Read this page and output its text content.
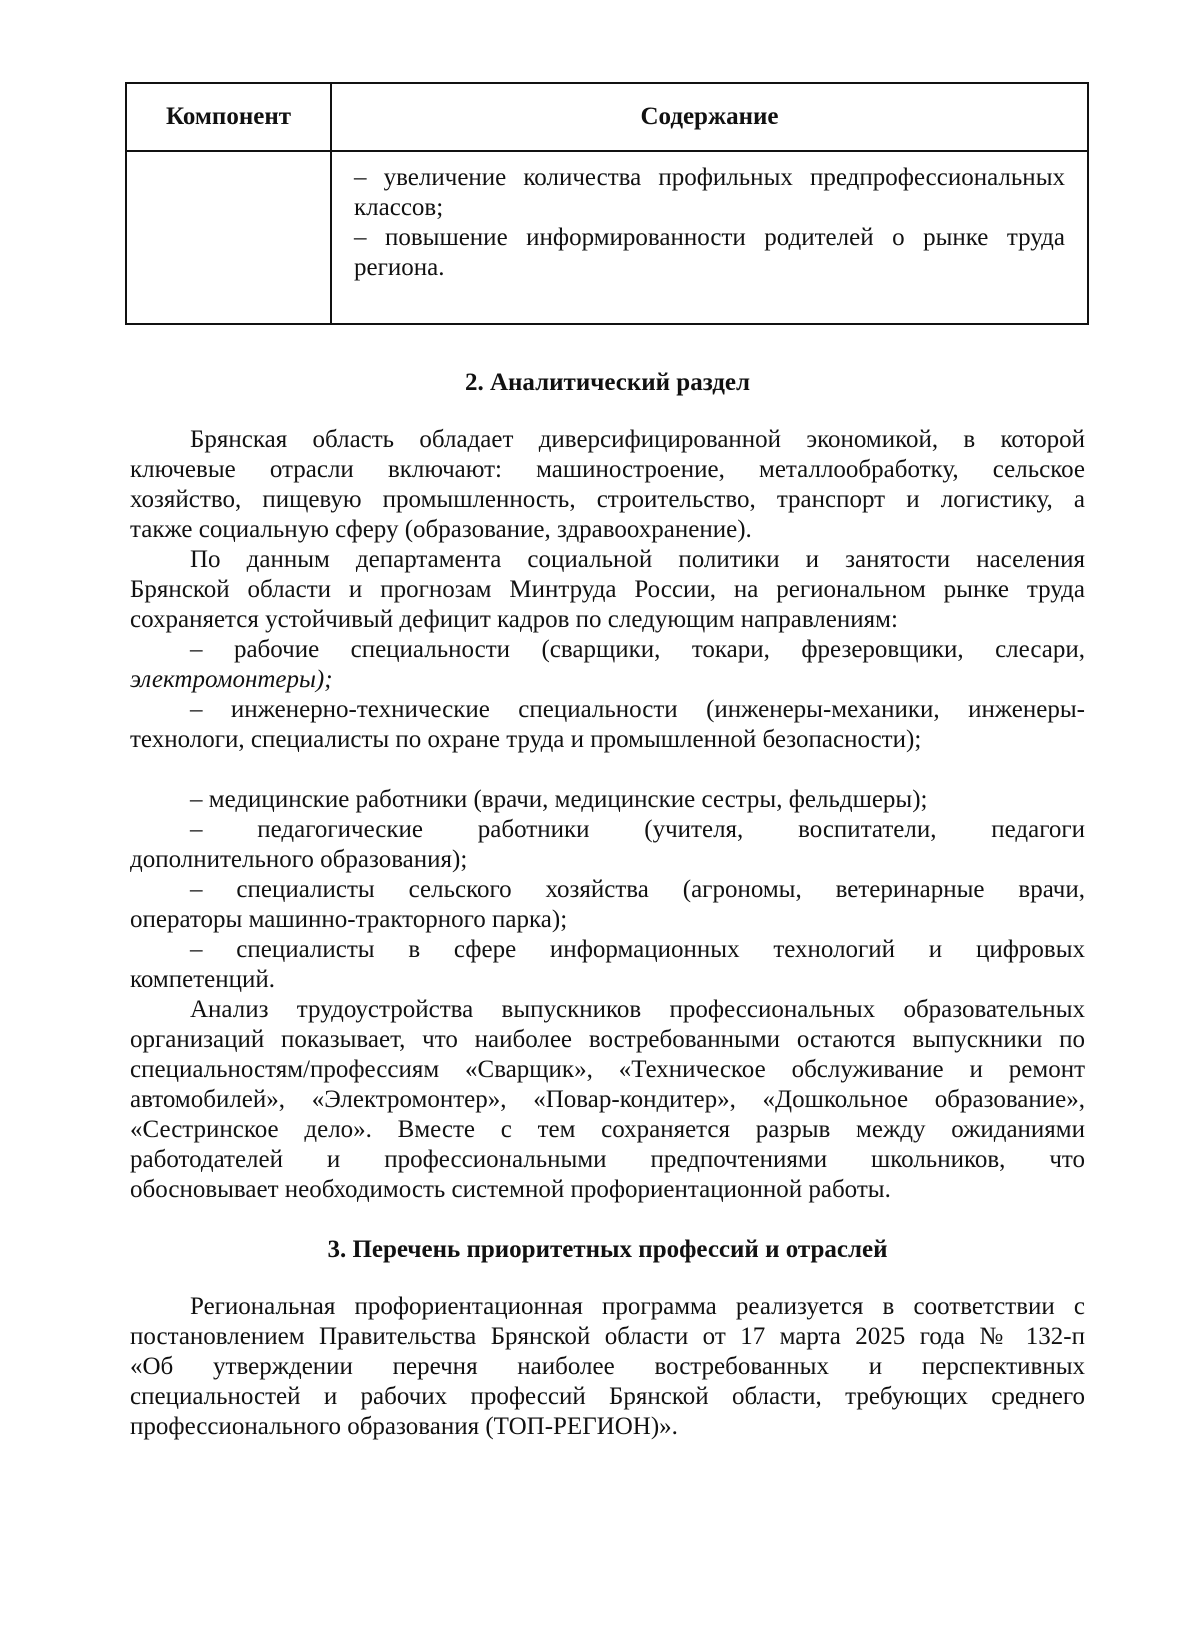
Компонент	Содержание

	– увеличение количества профильных предпрофессиональных
классов;
– повышение информированности родителей о рынке труда
региона.
2. Аналитический раздел
Брянская область обладает диверсифицированной экономикой, в которой
ключевые отрасли включают: машиностроение, металлообработку, сельское
хозяйство, пищевую промышленность, строительство, транспорт и логистику, а
также социальную сферу (образование, здравоохранение).
По данным департамента социальной политики и занятости населения
Брянской области и прогнозам Минтруда России, на региональном рынке труда
сохраняется устойчивый дефицит кадров по следующим направлениям:
– рабочие специальности (сварщики, токари, фрезеровщики, слесари,
электромонтеры);
– инженерно-технические специальности (инженеры-механики, инженеры-
технологи, специалисты по охране труда и промышленной безопасности);
– медицинские работники (врачи, медицинские сестры, фельдшеры);
– педагогические работники (учителя, воспитатели, педагоги
дополнительного образования);
– специалисты сельского хозяйства (агрономы, ветеринарные врачи,
операторы машинно-тракторного парка);
– специалисты в сфере информационных технологий и цифровых
компетенций.
Анализ трудоустройства выпускников профессиональных образовательных
организаций показывает, что наиболее востребованными остаются выпускники по
специальностям/профессиям «Сварщик», «Техническое обслуживание и ремонт
автомобилей», «Электромонтер», «Повар-кондитер», «Дошкольное образование»,
«Сестринское дело». Вместе с тем сохраняется разрыв между ожиданиями
работодателей и профессиональными предпочтениями школьников, что
обосновывает необходимость системной профориентационной работы.
3. Перечень приоритетных профессий и отраслей
Региональная профориентационная программа реализуется в соответствии с
постановлением Правительства Брянской области от 17 марта 2025 года № 132-п
«Об утверждении перечня наиболее востребованных и перспективных
специальностей и рабочих профессий Брянской области, требующих среднего
профессионального образования (ТОП-РЕГИОН)».
